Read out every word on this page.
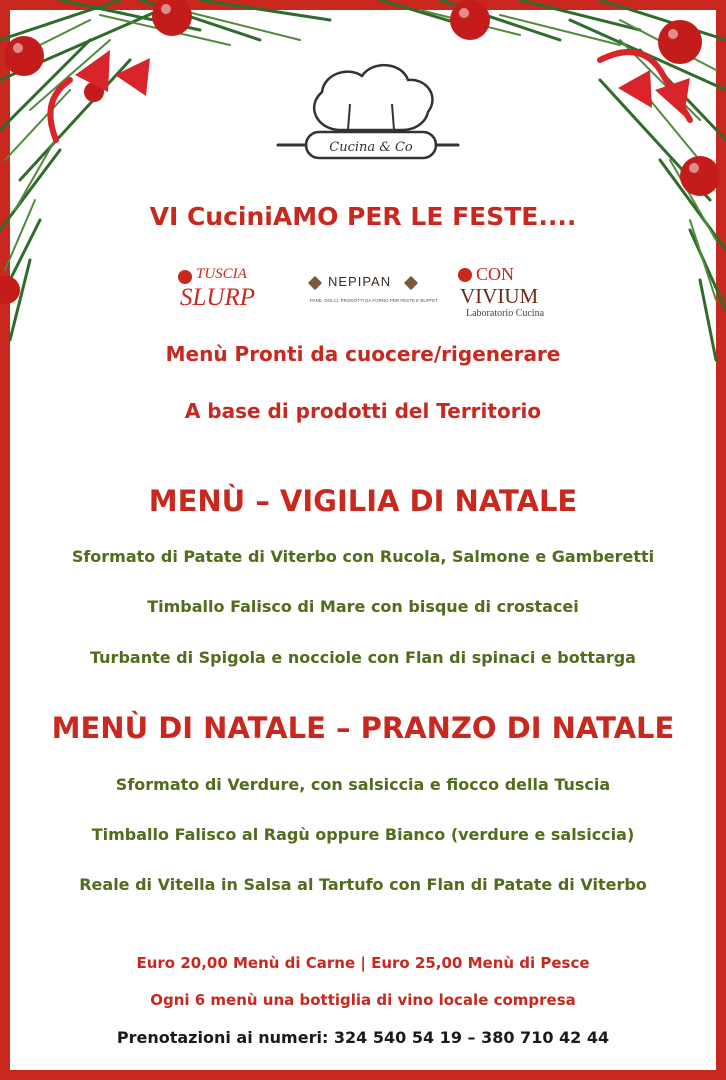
Cucina & Co
VI CuciniAMO PER LE FESTE....
TUSCIA
SLURP
NEPIPAN
PANE, DOLCI, PRODOTTI DA FORNO PER FESTE E BUFFET
CON
VIVIUM
Laboratorio Cucina
Menù Pronti da cuocere/rigenerare
A base di prodotti del Territorio
MENÙ – VIGILIA DI NATALE
Sformato di Patate di Viterbo con Rucola, Salmone e Gamberetti
Timballo Falisco di Mare con bisque di crostacei
Turbante di Spigola e nocciole con Flan di spinaci e bottarga
MENÙ DI NATALE – PRANZO DI NATALE
Sformato di Verdure, con salsiccia e fiocco della Tuscia
Timballo Falisco al Ragù oppure Bianco (verdure e salsiccia)
Reale di Vitella in Salsa al Tartufo con Flan di Patate di Viterbo
Euro 20,00 Menù di Carne | Euro 25,00 Menù di Pesce
Ogni 6 menù una bottiglia di vino locale compresa
Prenotazioni ai numeri: 324 540 54 19 – 380 710 42 44
